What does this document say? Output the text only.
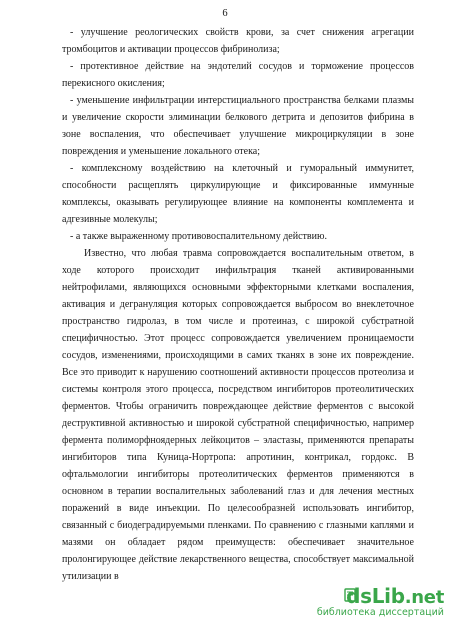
6

- улучшение реологических свойств крови, за счет снижения агрегации тромбоцитов и активации процессов фибринолиза;

- протективное действие на эндотелий сосудов и торможение процессов перекисного окисления;

- уменьшение инфильтрации интерстициального пространства белками плазмы и увеличение скорости элиминации белкового детрита и депозитов фибрина в зоне воспаления, что обеспечивает улучшение микроциркуляции в зоне повреждения и уменьшение локального отека;

- комплексному воздействию на клеточный и гуморальный иммунитет, способности расщеплять циркулирующие и фиксированные иммунные комплексы, оказывать регулирующее влияние на компоненты комплемента и адгезивные молекулы;

- а также выраженному противовоспалительному действию.

Известно, что любая травма сопровождается воспалительным ответом, в ходе которого происходит инфильтрация тканей активированными нейтрофилами, являющихся основными эффекторными клетками воспаления, активация и дегрануляция которых сопровождается выбросом во внеклеточное пространство гидролаз, в том числе и протеиназ, с широкой субстратной специфичностью. Этот процесс сопровождается увеличением проницаемости сосудов, изменениями, происходящими в самих тканях в зоне их повреждение. Все это приводит к нарушению соотношений активности процессов протеолиза и системы контроля этого процесса, посредством ингибиторов протеолитических ферментов. Чтобы ограничить повреждающее действие ферментов с высокой деструктивной активностью и широкой субстратной специфичностью, например фермента полиморфноядерных лейкоцитов – эластазы, применяются препараты ингибиторов типа Куница-Нортропа: апротинин, контрикал, гордокс. В офтальмологии ингибиторы протеолитических ферментов применяются в основном в терапии воспалительных заболеваний глаз и для лечения местных поражений в виде инъекции. По целесообразней использовать ингибитор, связанный с биодеградируемыми пленками. По сравнению с глазными каплями и мазями он обладает рядом преимуществ: обеспечивает значительное пролонгирующее действие лекарственного вещества, способствует максимальной утилизации в

dsLib.net
библиотека диссертаций
